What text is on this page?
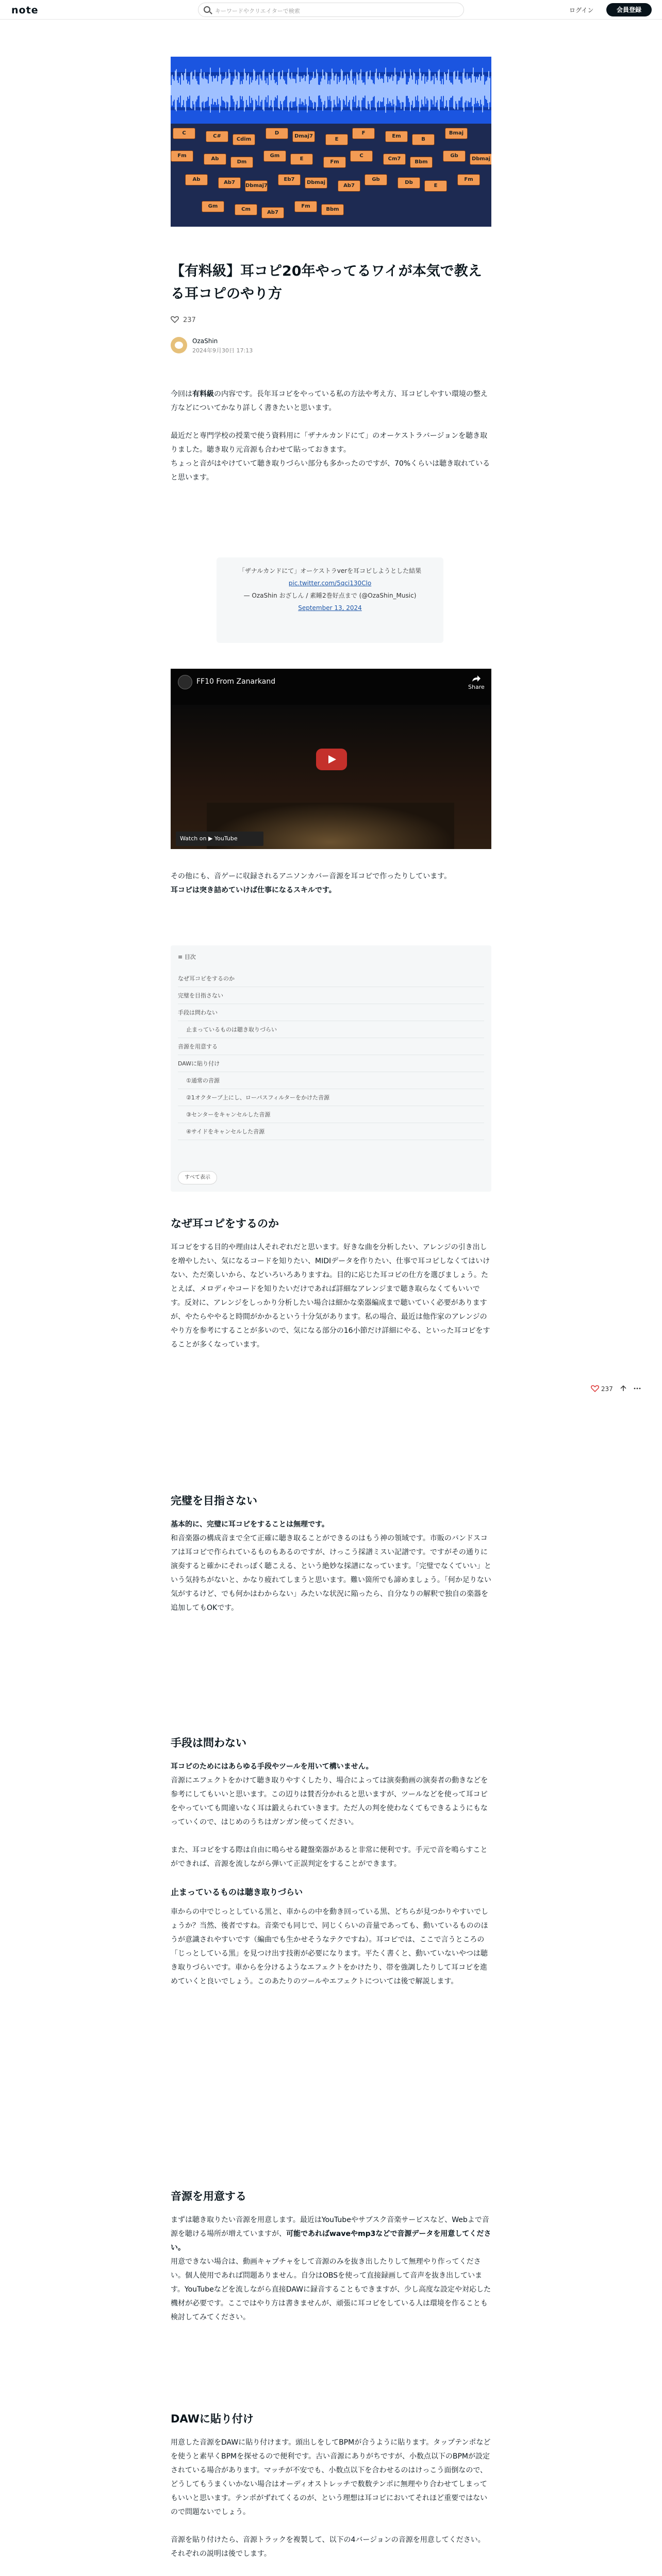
note	キーワードやクリエイターで検索	ログイン	会員登録
C
C#
Cdim
D
Dmaj7
E
F
Em
B
Bmaj
Fm
Ab
Dm
Gm
E
Fm
C
Cm7
Bbm
Gb
Dbmaj
Ab
Ab7
Dbmaj7
Eb7
Dbmaj
Ab7
Gb
Db
E
Fm
Gm
Cm
Ab7
Fm
Bbm
【有料級】耳コピ20年やってるワイが本気で教える耳コピのやり方
237
OzaShin
2024年9月30日 17:13

今回は有料級の内容です。長年耳コピをやっている私の方法や考え方、耳コピしやすい環境の整え方などについてかなり詳しく書きたいと思います。

最近だと専門学校の授業で使う資料用に「ザナルカンドにて」のオーケストラバージョンを聴き取りました。聴き取り元音源も合わせて貼っておきます。

ちょっと音がはやけていて聴き取りづらい部分も多かったのですが、70%くらいは聴き取れていると思います。

「ザナルカンドにて」オーケストラverを耳コピしようとした結果
pic.twitter.com/5qci130Clo
— OzaShin おざしん / 素睡2巻好点まで (@OzaShin_Music)
September 13, 2024
FF10 From Zanarkand
Share
Watch on ▶ YouTube

その他にも、音ゲーに収録されるアニソンカバー音源を耳コピで作ったりしています。

耳コピは突き詰めていけば仕事になるスキルです。

≡ 目次
なぜ耳コピをするのか
完璧を目指さない
手段は問わない
止まっているものは聴き取りづらい
音源を用意する
DAWに貼り付け
①通常の音源
②1オクターブ上にし、ローパスフィルターをかけた音源
③センターをキャンセルした音源
④サイドをキャンセルした音源
すべて表示
なぜ耳コピをするのか

耳コピをする目的や理由は人それぞれだと思います。好きな曲を分析したい、アレンジの引き出しを増やしたい、気になるコードを知りたい、MIDIデータを作りたい、仕事で耳コピしなくてはいけない、ただ楽しいから、などいろいろありますね。目的に応じた耳コピの仕方を選びましょう。たとえば、メロディやコードを知りたいだけであれば詳細なアレンジまで聴き取らなくてもいいです。反対に、アレンジをしっかり分析したい場合は細かな楽器編成まで聴いていく必要がありますが、やたらややると時間がかかるという十分気があります。私の場合、最近は他作家のアレンジのやり方を参考にすることが多いので、気になる部分の16小節だけ詳細にやる、といった耳コピをすることが多くなっています。

完璧を目指さない

基本的に、完璧に耳コピをすることは無理です。

和音楽器の構成音まで全て正確に聴き取ることができるのはもう神の領域です。市販のバンドスコアは耳コピで作られているものもあるのですが、けっこう採譜ミスい記譜です。ですがその通りに演奏すると確かにそれっぽく聴こえる、という絶妙な採譜になっています。「完璧でなくていい」という気持ちがないと、かなり疲れてしまうと思います。難い箇所でも諦めましょう。「何か足りない気がするけど、でも何かはわからない」みたいな状況に陥ったら、自分なりの解釈で独自の楽器を追加してもOKです。

手段は問わない

耳コピのためにはあらゆる手段やツールを用いて構いません。

音源にエフェクトをかけて聴き取りやすくしたり、場合によっては演奏動画の演奏者の動きなどを参考にしてもいいと思います。この辺りは賛否分かれると思いますが、ツールなどを使って耳コピをやっていても間違いなく耳は鍛えられていきます。ただ人の判を使わなくてもできるようにもなっていくので、はじめのうちはガンガン使ってください。

また、耳コピをする際は自由に鳴らせる鍵盤楽器があると非常に便利です。手元で音を鳴らすことができれば、音源を流しながら弾いて正誤判定をすることができます。

止まっているものは聴き取りづらい

車からの中でじっとしている黒と、車からの中を動き回っている黒、どちらが見つかりやすいでしょうか？当然、後者ですね。音楽でも同じで、同じくらいの音量であっても、動いているもののほうが意識されやすいです（編曲でも生かせそうなテクですね）。耳コピでは、ここで言うところの「じっとしている黒」を見つけ出す技術が必要になります。平たく書くと、動いていないやつは聴き取りづらいです。車からを分けるようなエフェクトをかけたり、帯を強調したりして耳コピを進めていくと良いでしょう。このあたりのツールやエフェクトについては後で解説します。

音源を用意する

まずは聴き取りたい音源を用意します。最近はYouTubeやサブスク音楽サービスなど、Webよで音源を聴ける場所が増えていますが、可能であればwaveやmp3などで音源データを用意してください。

用意できない場合は、動画キャプチャをして音源のみを抜き出したりして無理やり作ってください。個人使用であれば問題ありません。自分はOBSを使って直接録画して音声を抜き出しています。YouTubeなどを流しながら直接DAWに録音することもできますが、少し高度な設定や対応した機材が必要です。ここではやり方は書きませんが、頑張に耳コピをしている人は環境を作ることも検討してみてください。

DAWに貼り付け

用意した音源をDAWに貼り付けます。頭出しをしてBPMが合うように貼ります。タップテンポなどを使うと素早くBPMを探せるので便利です。古い音源にありがちですが、小数点以下のBPMが設定されている場合があります。マッチが不安でも、小数点以下を合わせるのはけっこう面倒なので、どうしてもうまくいかない場合はオーディオストレッチで数数テンポに無理やり合わせてしまってもいいと思います。テンポがずれてくるのが、という理想は耳コピにおいてそれほど重要ではないので問題ないでしょう。

音源を貼り付けたら、音源トラックを複製して、以下の4バージョンの音源を用意してください。それぞれの説明は後でします。

237
